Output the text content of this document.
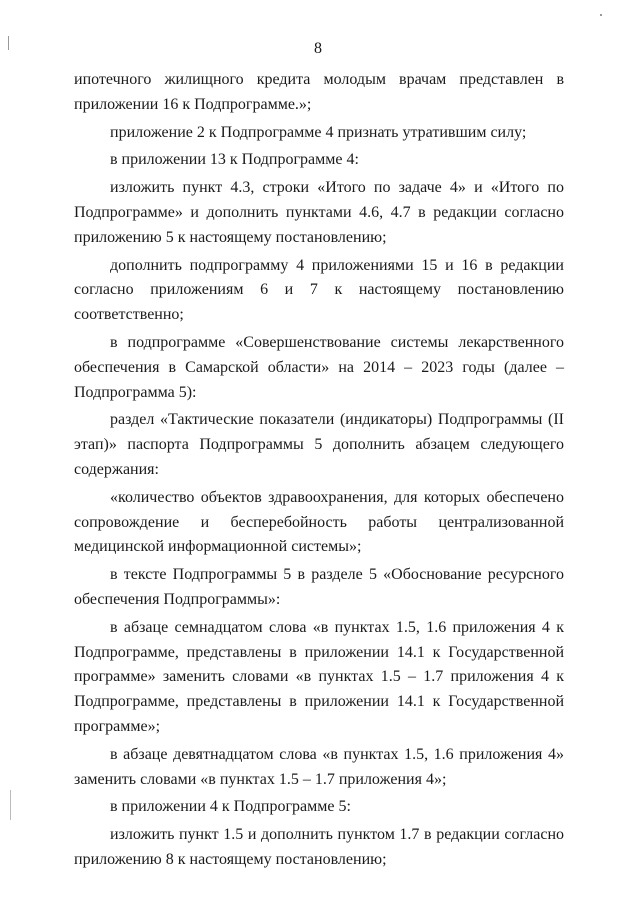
8

ипотечного жилищного кредита молодым врачам представлен в приложении 16 к Подпрограмме.»;

приложение 2 к Подпрограмме 4 признать утратившим силу;

в приложении 13 к Подпрограмме 4:

изложить пункт 4.3, строки «Итого по задаче 4» и «Итого по Подпрограмме» и дополнить пунктами 4.6, 4.7 в редакции согласно приложению 5 к настоящему постановлению;

дополнить подпрограмму 4 приложениями 15 и 16 в редакции согласно приложениям 6 и 7 к настоящему постановлению соответственно;

в подпрограмме «Совершенствование системы лекарственного обеспечения в Самарской области» на 2014 – 2023 годы (далее – Подпрограмма 5):

раздел «Тактические показатели (индикаторы) Подпрограммы (II этап)» паспорта Подпрограммы 5 дополнить абзацем следующего содержания:

«количество объектов здравоохранения, для которых обеспечено сопровождение и бесперебойность работы централизованной медицинской информационной системы»;

в тексте Подпрограммы 5 в разделе 5 «Обоснование ресурсного обеспечения Подпрограммы»:

в абзаце семнадцатом слова «в пунктах 1.5, 1.6 приложения 4 к Подпрограмме, представлены в приложении 14.1 к Государственной программе» заменить словами «в пунктах 1.5 – 1.7 приложения 4 к Подпрограмме, представлены в приложении 14.1 к Государственной программе»;

в абзаце девятнадцатом слова «в пунктах 1.5, 1.6 приложения 4» заменить словами «в пунктах 1.5 – 1.7 приложения 4»;

в приложении 4 к Подпрограмме 5:

изложить пункт 1.5 и дополнить пунктом 1.7 в редакции согласно приложению 8 к настоящему постановлению;
